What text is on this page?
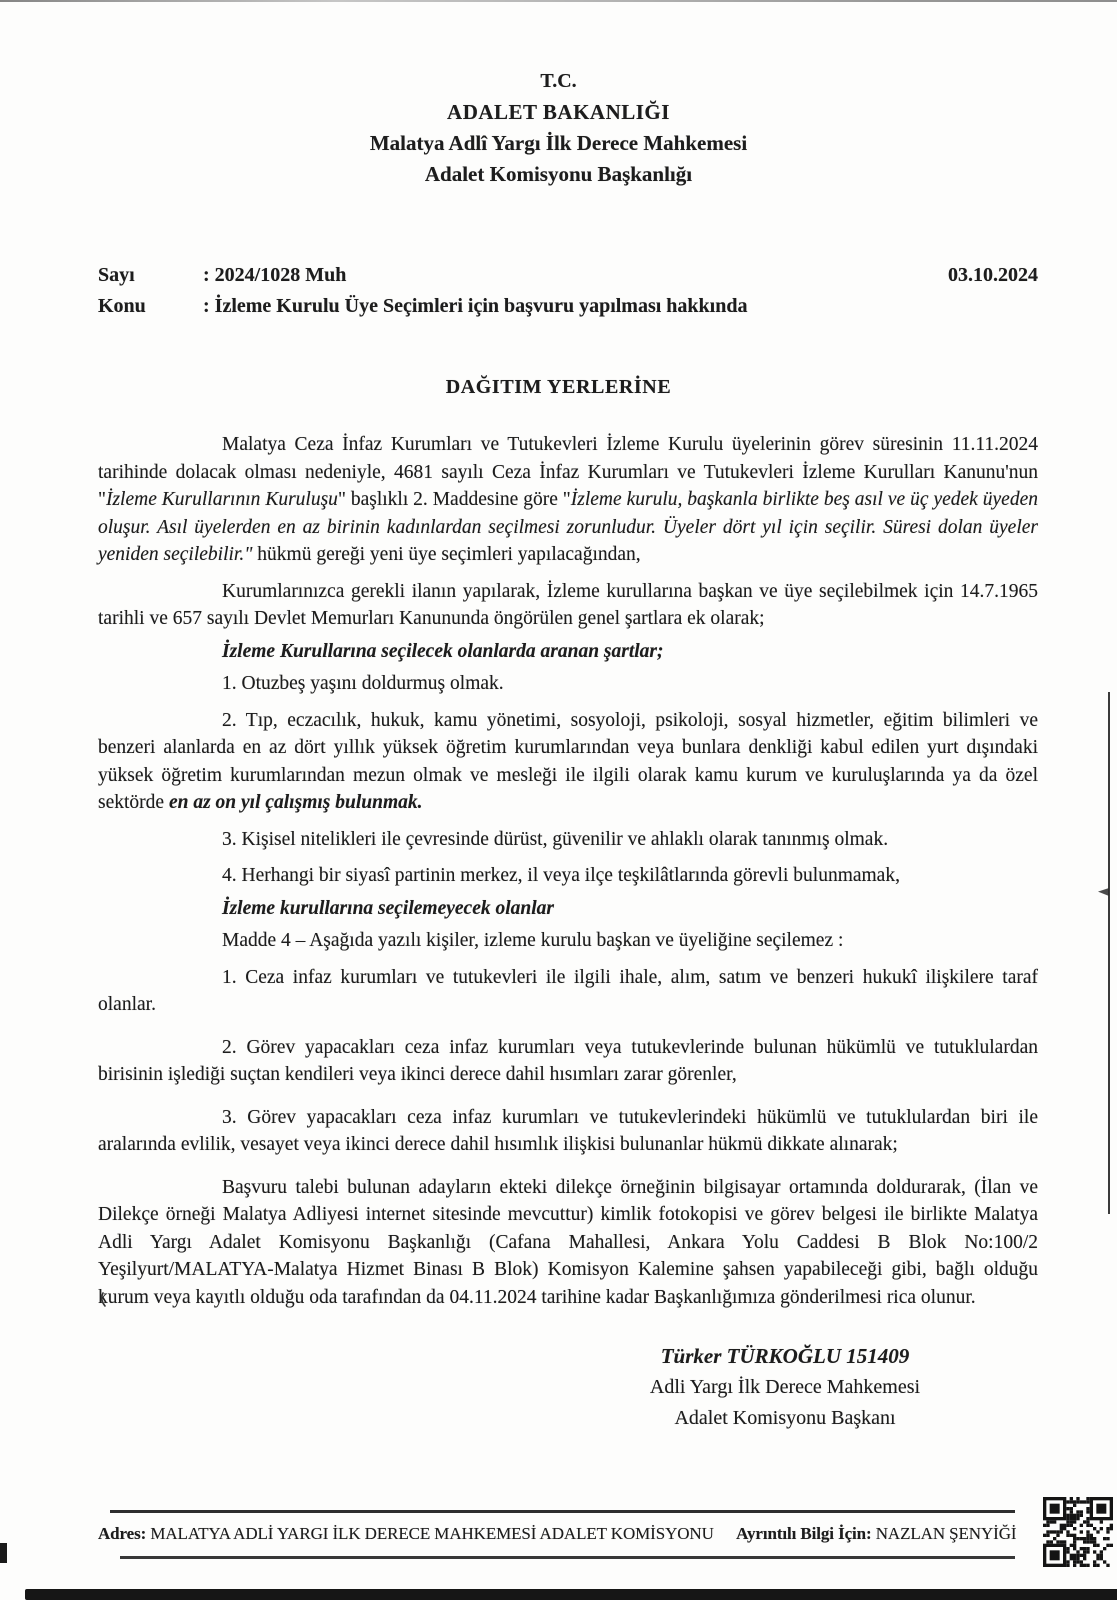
T.C.
ADALET BAKANLIĞI
Malatya Adlî Yargı İlk Derece Mahkemesi
Adalet Komisyonu Başkanlığı
03.10.2024
Sayı	: 2024/1028 Muh
Konu	: İzleme Kurulu Üye Seçimleri için başvuru yapılması hakkında
DAĞITIM YERLERİNE

Malatya Ceza İnfaz Kurumları ve Tutukevleri İzleme Kurulu üyelerinin görev süresinin 11.11.2024 tarihinde dolacak olması nedeniyle, 4681 sayılı Ceza İnfaz Kurumları ve Tutukevleri İzleme Kurulları Kanunu'nun "İzleme Kurullarının Kuruluşu" başlıklı 2. Maddesine göre "İzleme kurulu, başkanla birlikte beş asıl ve üç yedek üyeden oluşur. Asıl üyelerden en az birinin kadınlardan seçilmesi zorunludur. Üyeler dört yıl için seçilir. Süresi dolan üyeler yeniden seçilebilir." hükmü gereği yeni üye seçimleri yapılacağından,

Kurumlarınızca gerekli ilanın yapılarak, İzleme kurullarına başkan ve üye seçilebilmek için 14.7.1965 tarihli ve 657 sayılı Devlet Memurları Kanununda öngörülen genel şartlara ek olarak;

İzleme Kurullarına seçilecek olanlarda aranan şartlar;

1. Otuzbeş yaşını doldurmuş olmak.

2. Tıp, eczacılık, hukuk, kamu yönetimi, sosyoloji, psikoloji, sosyal hizmetler, eğitim bilimleri ve benzeri alanlarda en az dört yıllık yüksek öğretim kurumlarından veya bunlara denkliği kabul edilen yurt dışındaki yüksek öğretim kurumlarından mezun olmak ve mesleği ile ilgili olarak kamu kurum ve kuruluşlarında ya da özel sektörde en az on yıl çalışmış bulunmak.

3. Kişisel nitelikleri ile çevresinde dürüst, güvenilir ve ahlaklı olarak tanınmış olmak.

4. Herhangi bir siyasî partinin merkez, il veya ilçe teşkilâtlarında görevli bulunmamak,

İzleme kurullarına seçilemeyecek olanlar

Madde 4 – Aşağıda yazılı kişiler, izleme kurulu başkan ve üyeliğine seçilemez :

1. Ceza infaz kurumları ve tutukevleri ile ilgili ihale, alım, satım ve benzeri hukukî ilişkilere taraf olanlar.

2. Görev yapacakları ceza infaz kurumları veya tutukevlerinde bulunan hükümlü ve tutuklulardan birisinin işlediği suçtan kendileri veya ikinci derece dahil hısımları zarar görenler,

3. Görev yapacakları ceza infaz kurumları ve tutukevlerindeki hükümlü ve tutuklulardan biri ile aralarında evlilik, vesayet veya ikinci derece dahil hısımlık ilişkisi bulunanlar hükmü dikkate alınarak;

Başvuru talebi bulunan adayların ekteki dilekçe örneğinin bilgisayar ortamında doldurarak, (İlan ve Dilekçe örneği Malatya Adliyesi internet sitesinde mevcuttur) kimlik fotokopisi ve görev belgesi ile birlikte Malatya Adli Yargı Adalet Komisyonu Başkanlığı (Cafana Mahallesi, Ankara Yolu Caddesi B Blok No:100/2 Yeşilyurt/MALATYA-Malatya Hizmet Binası B Blok) Komisyon Kalemine şahsen yapabileceği gibi, bağlı olduğu kurum veya kayıtlı olduğu oda tarafından da 04.11.2024 tarihine kadar Başkanlığımıza gönderilmesi rica olunur.

Türker TÜRKOĞLU 151409
Adli Yargı İlk Derece Mahkemesi
Adalet Komisyonu Başkanı
Adres: MALATYA ADLİ YARGI İLK DERECE MAHKEMESİ ADALET KOMİSYONU Ayrıntılı Bilgi İçin: NAZLAN ŞENYİĞİ
